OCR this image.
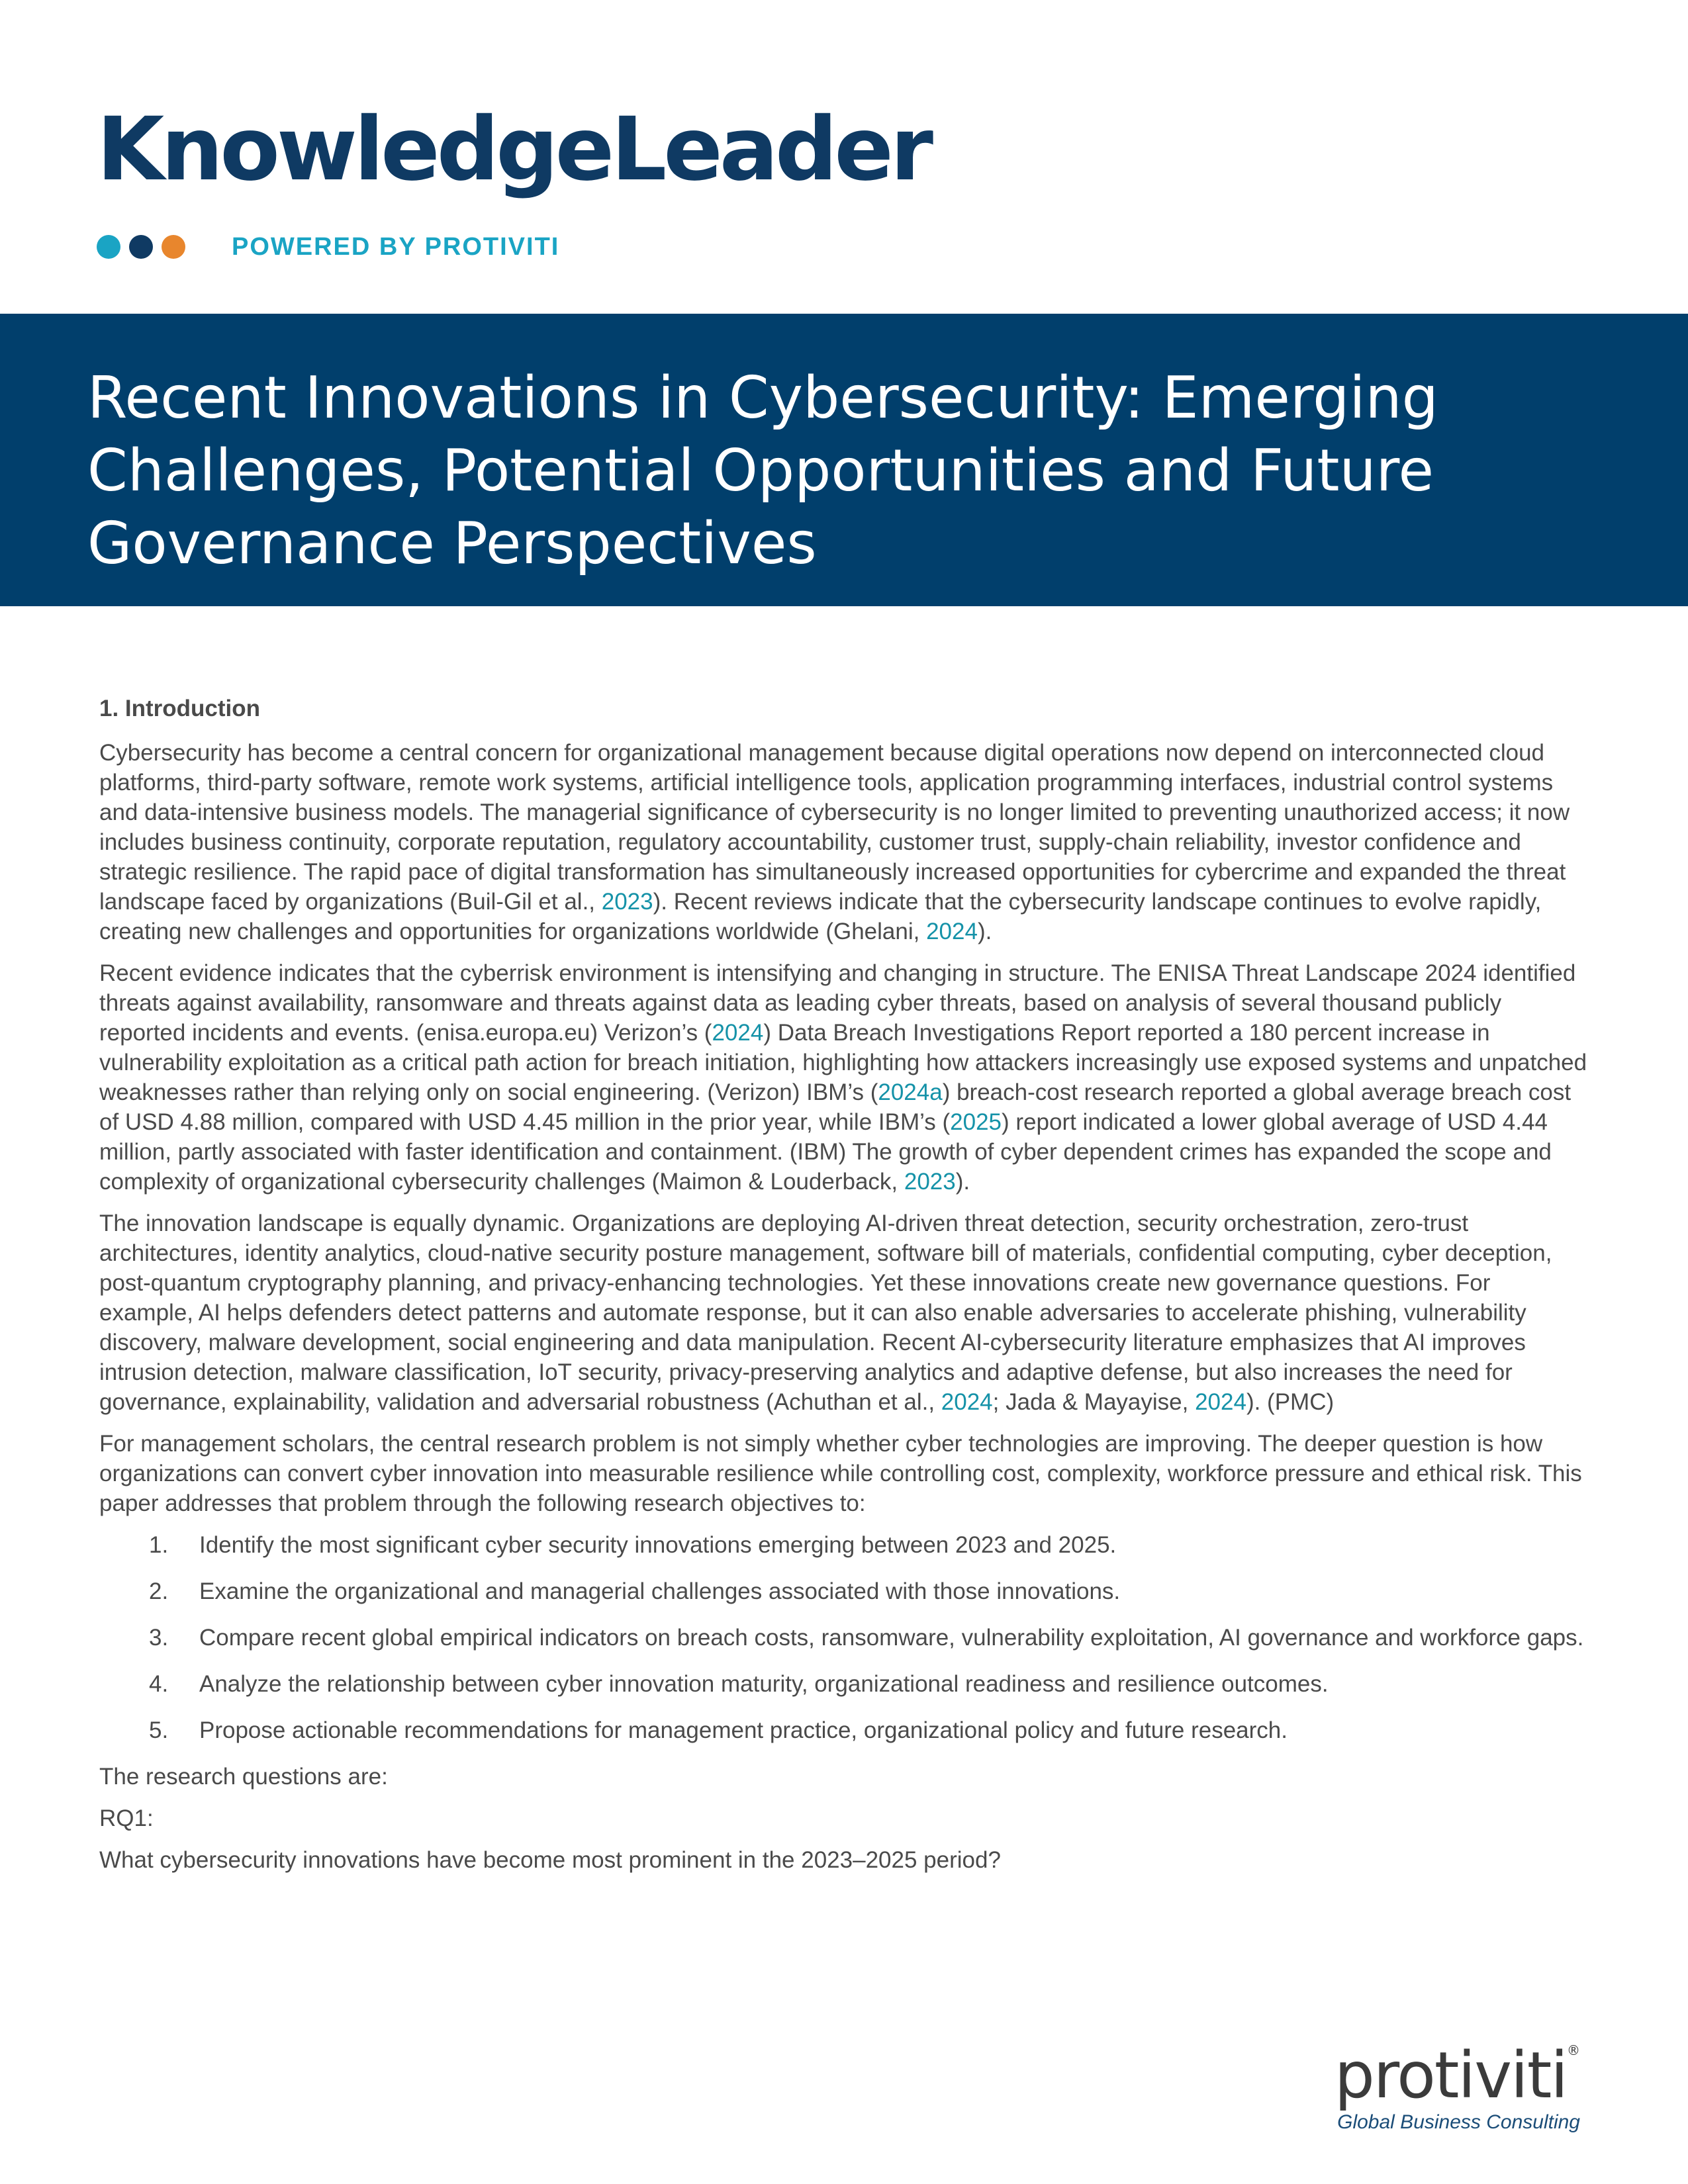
KnowledgeLeader
POWERED BY PROTIVITI
Recent Innovations in Cybersecurity: Emerging Challenges, Potential Opportunities and Future Governance Perspectives
1. Introduction

Cybersecurity has become a central concern for organizational management because digital operations now depend on interconnected cloud platforms, third-party software, remote work systems, artificial intelligence tools, application programming interfaces, industrial control systems and data-intensive business models. The managerial significance of cybersecurity is no longer limited to preventing unauthorized access; it now includes business continuity, corporate reputation, regulatory accountability, customer trust, supply-chain reliability, investor confidence and strategic resilience. The rapid pace of digital transformation has simultaneously increased opportunities for cybercrime and expanded the threat landscape faced by organizations (Buil-Gil et al., 2023). Recent reviews indicate that the cybersecurity landscape continues to evolve rapidly, creating new challenges and opportunities for organizations worldwide (Ghelani, 2024).

Recent evidence indicates that the cyberrisk environment is intensifying and changing in structure. The ENISA Threat Landscape 2024 identified threats against availability, ransomware and threats against data as leading cyber threats, based on analysis of several thousand publicly reported incidents and events. (enisa.europa.eu) Verizon’s (2024) Data Breach Investigations Report reported a 180 percent increase in vulnerability exploitation as a critical path action for breach initiation, highlighting how attackers increasingly use exposed systems and unpatched weaknesses rather than relying only on social engineering. (Verizon) IBM’s (2024a) breach-cost research reported a global average breach cost of USD 4.88 million, compared with USD 4.45 million in the prior year, while IBM’s (2025) report indicated a lower global average of USD 4.44 million, partly associated with faster identification and containment. (IBM) The growth of cyber dependent crimes has expanded the scope and complexity of organizational cybersecurity challenges (Maimon & Louderback, 2023).

The innovation landscape is equally dynamic. Organizations are deploying AI-driven threat detection, security orchestration, zero-trust architectures, identity analytics, cloud-native security posture management, software bill of materials, confidential computing, cyber deception, post-quantum cryptography planning, and privacy-enhancing technologies. Yet these innovations create new governance questions. For example, AI helps defenders detect patterns and automate response, but it can also enable adversaries to accelerate phishing, vulnerability discovery, malware development, social engineering and data manipulation. Recent AI-cybersecurity literature emphasizes that AI improves intrusion detection, malware classification, IoT security, privacy-preserving analytics and adaptive defense, but also increases the need for governance, explainability, validation and adversarial robustness (Achuthan et al., 2024; Jada & Mayayise, 2024). (PMC)

For management scholars, the central research problem is not simply whether cyber technologies are improving. The deeper question is how organizations can convert cyber innovation into measurable resilience while controlling cost, complexity, workforce pressure and ethical risk. This paper addresses that problem through the following research objectives to:

1. Identify the most significant cyber security innovations emerging between 2023 and 2025.
2. Examine the organizational and managerial challenges associated with those innovations.
3. Compare recent global empirical indicators on breach costs, ransomware, vulnerability exploitation, AI governance and workforce gaps.
4. Analyze the relationship between cyber innovation maturity, organizational readiness and resilience outcomes.
5. Propose actionable recommendations for management practice, organizational policy and future research.

The research questions are:

RQ1:

What cybersecurity innovations have become most prominent in the 2023–2025 period?

protiviti®
Global Business Consulting
